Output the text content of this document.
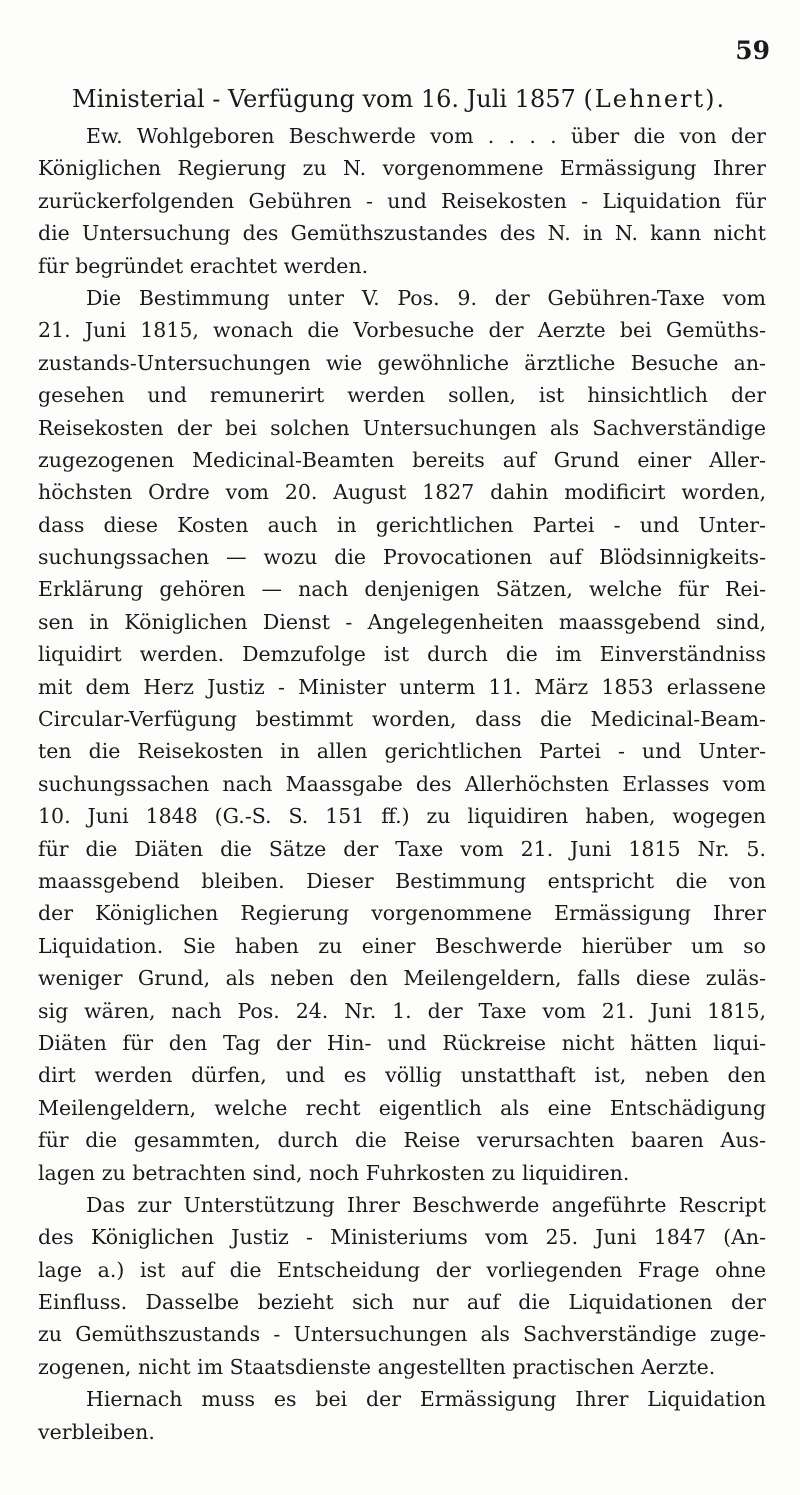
59
Ministerial - Verfügung vom 16. Juli 1857 (Lehnert).
Ew. Wohlgeboren Beschwerde vom . . . . über die von der
Königlichen Regierung zu N. vorgenommene Ermässigung Ihrer
zurückerfolgenden Gebühren - und Reisekosten - Liquidation für
die Untersuchung des Gemüthszustandes des N. in N. kann nicht
für begründet erachtet werden.
Die Bestimmung unter V. Pos. 9. der Gebühren-Taxe vom
21. Juni 1815, wonach die Vorbesuche der Aerzte bei Gemüths-
zustands-Untersuchungen wie gewöhnliche ärztliche Besuche an-
gesehen und remunerirt werden sollen, ist hinsichtlich der
Reisekosten der bei solchen Untersuchungen als Sachverständige
zugezogenen Medicinal-Beamten bereits auf Grund einer Aller-
höchsten Ordre vom 20. August 1827 dahin modificirt worden,
dass diese Kosten auch in gerichtlichen Partei - und Unter-
suchungssachen — wozu die Provocationen auf Blödsinnigkeits-
Erklärung gehören — nach denjenigen Sätzen, welche für Rei-
sen in Königlichen Dienst - Angelegenheiten maassgebend sind,
liquidirt werden. Demzufolge ist durch die im Einverständniss
mit dem Herz Justiz - Minister unterm 11. März 1853 erlassene
Circular-Verfügung bestimmt worden, dass die Medicinal-Beam-
ten die Reisekosten in allen gerichtlichen Partei - und Unter-
suchungssachen nach Maassgabe des Allerhöchsten Erlasses vom
10. Juni 1848 (G.-S. S. 151 ff.) zu liquidiren haben, wogegen
für die Diäten die Sätze der Taxe vom 21. Juni 1815 Nr. 5.
maassgebend bleiben. Dieser Bestimmung entspricht die von
der Königlichen Regierung vorgenommene Ermässigung Ihrer
Liquidation. Sie haben zu einer Beschwerde hierüber um so
weniger Grund, als neben den Meilengeldern, falls diese zuläs-
sig wären, nach Pos. 24. Nr. 1. der Taxe vom 21. Juni 1815,
Diäten für den Tag der Hin- und Rückreise nicht hätten liqui-
dirt werden dürfen, und es völlig unstatthaft ist, neben den
Meilengeldern, welche recht eigentlich als eine Entschädigung
für die gesammten, durch die Reise verursachten baaren Aus-
lagen zu betrachten sind, noch Fuhrkosten zu liquidiren.
Das zur Unterstützung Ihrer Beschwerde angeführte Rescript
des Königlichen Justiz - Ministeriums vom 25. Juni 1847 (An-
lage a.) ist auf die Entscheidung der vorliegenden Frage ohne
Einfluss. Dasselbe bezieht sich nur auf die Liquidationen der
zu Gemüthszustands - Untersuchungen als Sachverständige zuge-
zogenen, nicht im Staatsdienste angestellten practischen Aerzte.
Hiernach muss es bei der Ermässigung Ihrer Liquidation
verbleiben.
